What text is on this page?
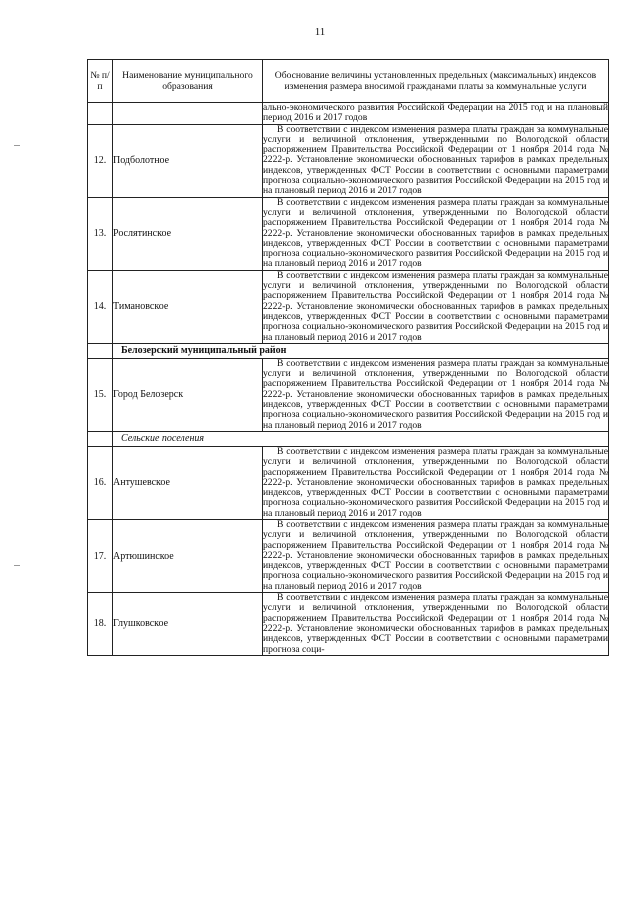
11
№ п/п	Наименование муниципального образования	Обоснование величины установленных предельных (максимальных) индексов изменения размера вносимой гражданами платы за коммунальные услуги
		ально-экономического развития Российской Федерации на 2015 год и на плановый период 2016 и 2017 годов
12.	Подболотное	В соответствии с индексом изменения размера платы граждан за коммунальные услуги и величиной отклонения, утвержденными по Вологодской области распоряжением Правительства Российской Федерации от 1 ноября 2014 года № 2222-р. Установление экономически обоснованных тарифов в рамках предельных индексов, утвержденных ФСТ России в соответствии с основными параметрами прогноза социально-экономического развития Российской Федерации на 2015 год и на плановый период 2016 и 2017 годов
13.	Рослятинское	В соответствии с индексом изменения размера платы граждан за коммунальные услуги и величиной отклонения, утвержденными по Вологодской области распоряжением Правительства Российской Федерации от 1 ноября 2014 года № 2222-р. Установление экономически обоснованных тарифов в рамках предельных индексов, утвержденных ФСТ России в соответствии с основными параметрами прогноза социально-экономического развития Российской Федерации на 2015 год и на плановый период 2016 и 2017 годов
14.	Тимановское	В соответствии с индексом изменения размера платы граждан за коммунальные услуги и величиной отклонения, утвержденными по Вологодской области распоряжением Правительства Российской Федерации от 1 ноября 2014 года № 2222-р. Установление экономически обоснованных тарифов в рамках предельных индексов, утвержденных ФСТ России в соответствии с основными параметрами прогноза социально-экономического развития Российской Федерации на 2015 год и на плановый период 2016 и 2017 годов
	Белозерский муниципальный район	
15.	Город Белозерск	В соответствии с индексом изменения размера платы граждан за коммунальные услуги и величиной отклонения, утвержденными по Вологодской области распоряжением Правительства Российской Федерации от 1 ноября 2014 года № 2222-р. Установление экономически обоснованных тарифов в рамках предельных индексов, утвержденных ФСТ России в соответствии с основными параметрами прогноза социально-экономического развития Российской Федерации на 2015 год и на плановый период 2016 и 2017 годов
	Сельские поселения	
16.	Антушевское	В соответствии с индексом изменения размера платы граждан за коммунальные услуги и величиной отклонения, утвержденными по Вологодской области распоряжением Правительства Российской Федерации от 1 ноября 2014 года № 2222-р. Установление экономически обоснованных тарифов в рамках предельных индексов, утвержденных ФСТ России в соответствии с основными параметрами прогноза социально-экономического развития Российской Федерации на 2015 год и на плановый период 2016 и 2017 годов
17.	Артюшинское	В соответствии с индексом изменения размера платы граждан за коммунальные услуги и величиной отклонения, утвержденными по Вологодской области распоряжением Правительства Российской Федерации от 1 ноября 2014 года № 2222-р. Установление экономически обоснованных тарифов в рамках предельных индексов, утвержденных ФСТ России в соответствии с основными параметрами прогноза социально-экономического развития Российской Федерации на 2015 год и на плановый период 2016 и 2017 годов
18.	Глушковское	В соответствии с индексом изменения размера платы граждан за коммунальные услуги и величиной отклонения, утвержденными по Вологодской области распоряжением Правительства Российской Федерации от 1 ноября 2014 года № 2222-р. Установление экономически обоснованных тарифов в рамках предельных индексов, утвержденных ФСТ России в соответствии с основными параметрами прогноза соци-
